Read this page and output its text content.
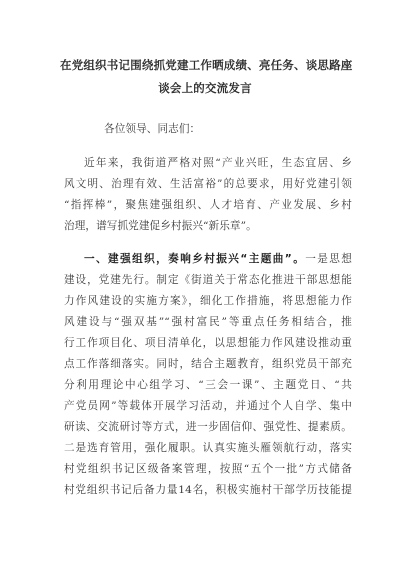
在党组织书记围绕抓党建工作晒成绩、亮任务、谈思路座
谈会上的交流发言
各位领导、同志们：
近年来，我街道严格对照“产业兴旺，生态宜居、乡
风文明、治理有效、生活富裕”的总要求，用好党建引领
“指挥棒”，聚焦建强组织、人才培育、产业发展、乡村
治理，谱写抓党建促乡村振兴“新乐章”。
一、建强组织，奏响乡村振兴“主题曲”。一是思想
建设，党建先行。制定《街道关于常态化推进干部思想能
力作风建设的实施方案》，细化工作措施，将思想能力作
风建设与“强双基”“强村富民”等重点任务相结合，推
行工作项目化、项目清单化，以思想能力作风建设推动重
点工作落细落实。同时，结合主题教育，组织党员干部充
分利用理论中心组学习、“三会一课”、主题党日、“共
产党员网”等载体开展学习活动，并通过个人自学、集中
研读、交流研讨等方式，进一步固信仰、强党性、提素质。
二是选育管用，强化履职。认真实施头雁领航行动，落实
村党组织书记区级备案管理，按照“五个一批”方式储备
村党组织书记后备力量14名，积极实施村干部学历技能提
